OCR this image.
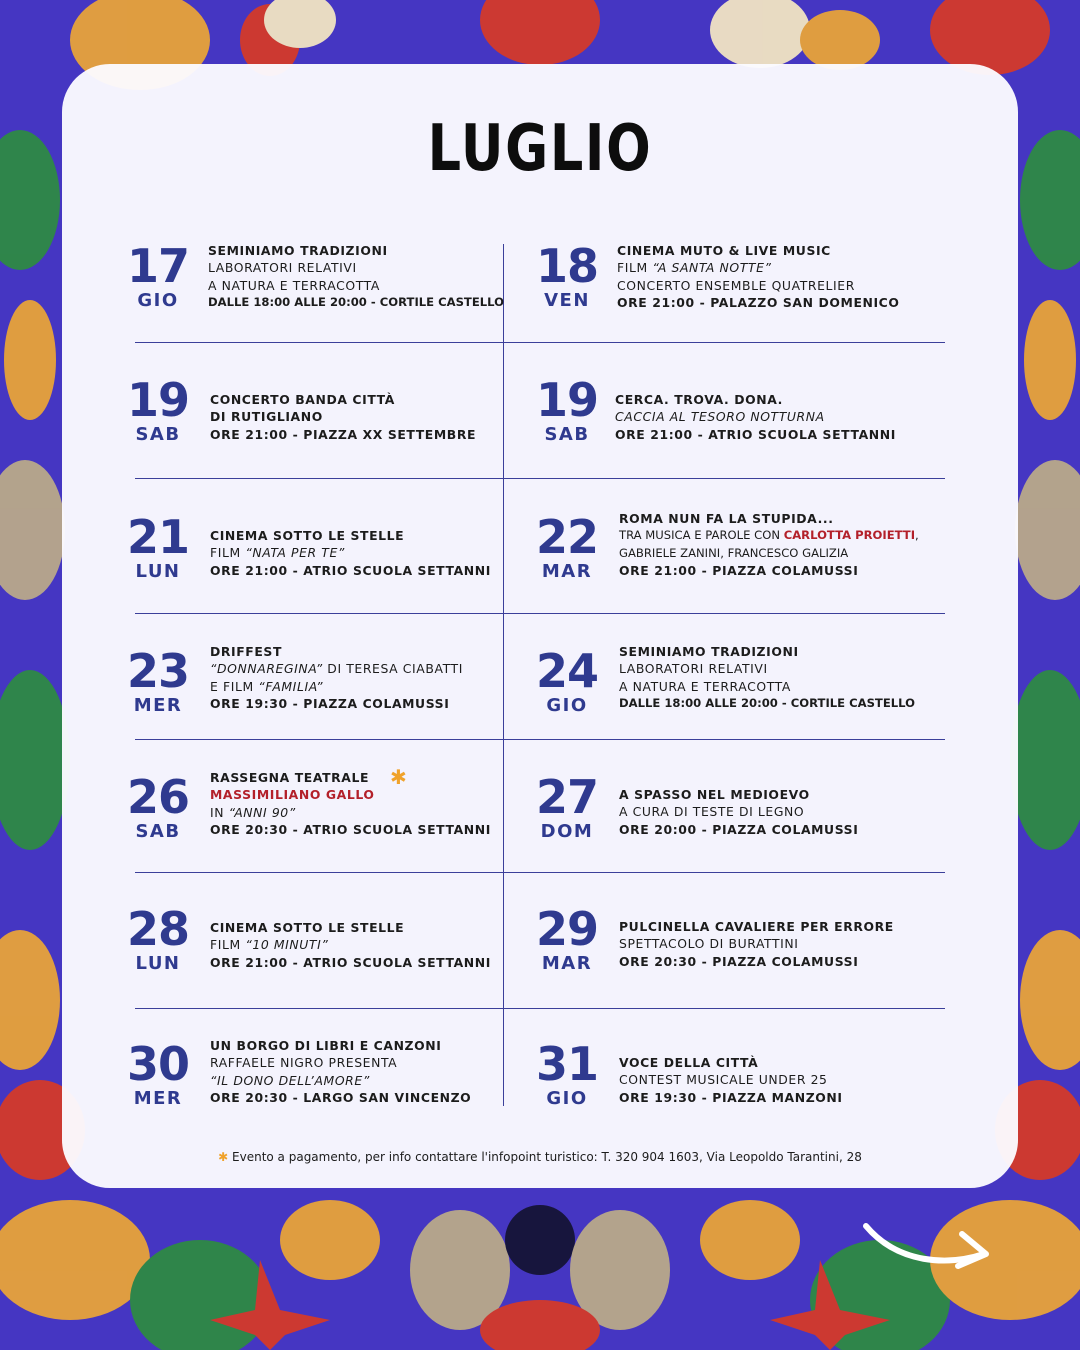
LUGLIO
17
GIO
SEMINIAMO TRADIZIONI
LABORATORI RELATIVI
A NATURA E TERRACOTTA
DALLE 18:00 ALLE 20:00 - CORTILE CASTELLO
18
VEN
CINEMA MUTO & LIVE MUSIC
FILM “A SANTA NOTTE”
CONCERTO ENSEMBLE QUATRELIER
ORE 21:00 - PALAZZO SAN DOMENICO
19
SAB
CONCERTO BANDA CITTÀ
DI RUTIGLIANO
ORE 21:00 - PIAZZA XX SETTEMBRE
19
SAB
CERCA. TROVA. DONA.
CACCIA AL TESORO NOTTURNA
ORE 21:00 - ATRIO SCUOLA SETTANNI
21
LUN
CINEMA SOTTO LE STELLE
FILM “NATA PER TE”
ORE 21:00 - ATRIO SCUOLA SETTANNI
22
MAR
ROMA NUN FA LA STUPIDA...
TRA MUSICA E PAROLE CON CARLOTTA PROIETTI,
GABRIELE ZANINI, FRANCESCO GALIZIA
ORE 21:00 - PIAZZA COLAMUSSI
23
MER
DRIFFEST
“DONNAREGINA” DI TERESA CIABATTI
E FILM “FAMILIA”
ORE 19:30 - PIAZZA COLAMUSSI
24
GIO
SEMINIAMO TRADIZIONI
LABORATORI RELATIVI
A NATURA E TERRACOTTA
DALLE 18:00 ALLE 20:00 - CORTILE CASTELLO
26
SAB
RASSEGNA TEATRALE
MASSIMILIANO GALLO
IN “ANNI 90”
ORE 20:30 - ATRIO SCUOLA SETTANNI
✱	27
DOM
A SPASSO NEL MEDIOEVO
A CURA DI TESTE DI LEGNO
ORE 20:00 - PIAZZA COLAMUSSI
28
LUN
CINEMA SOTTO LE STELLE
FILM “10 MINUTI”
ORE 21:00 - ATRIO SCUOLA SETTANNI
29
MAR
PULCINELLA CAVALIERE PER ERRORE
SPETTACOLO DI BURATTINI
ORE 20:30 - PIAZZA COLAMUSSI
30
MER
UN BORGO DI LIBRI E CANZONI
RAFFAELE NIGRO PRESENTA
“IL DONO DELL’AMORE”
ORE 20:30 - LARGO SAN VINCENZO
31
GIO
VOCE DELLA CITTÀ
CONTEST MUSICALE UNDER 25
ORE 19:30 - PIAZZA MANZONI
✱ Evento a pagamento, per info contattare l'infopoint turistico: T. 320 904 1603, Via Leopoldo Tarantini, 28
